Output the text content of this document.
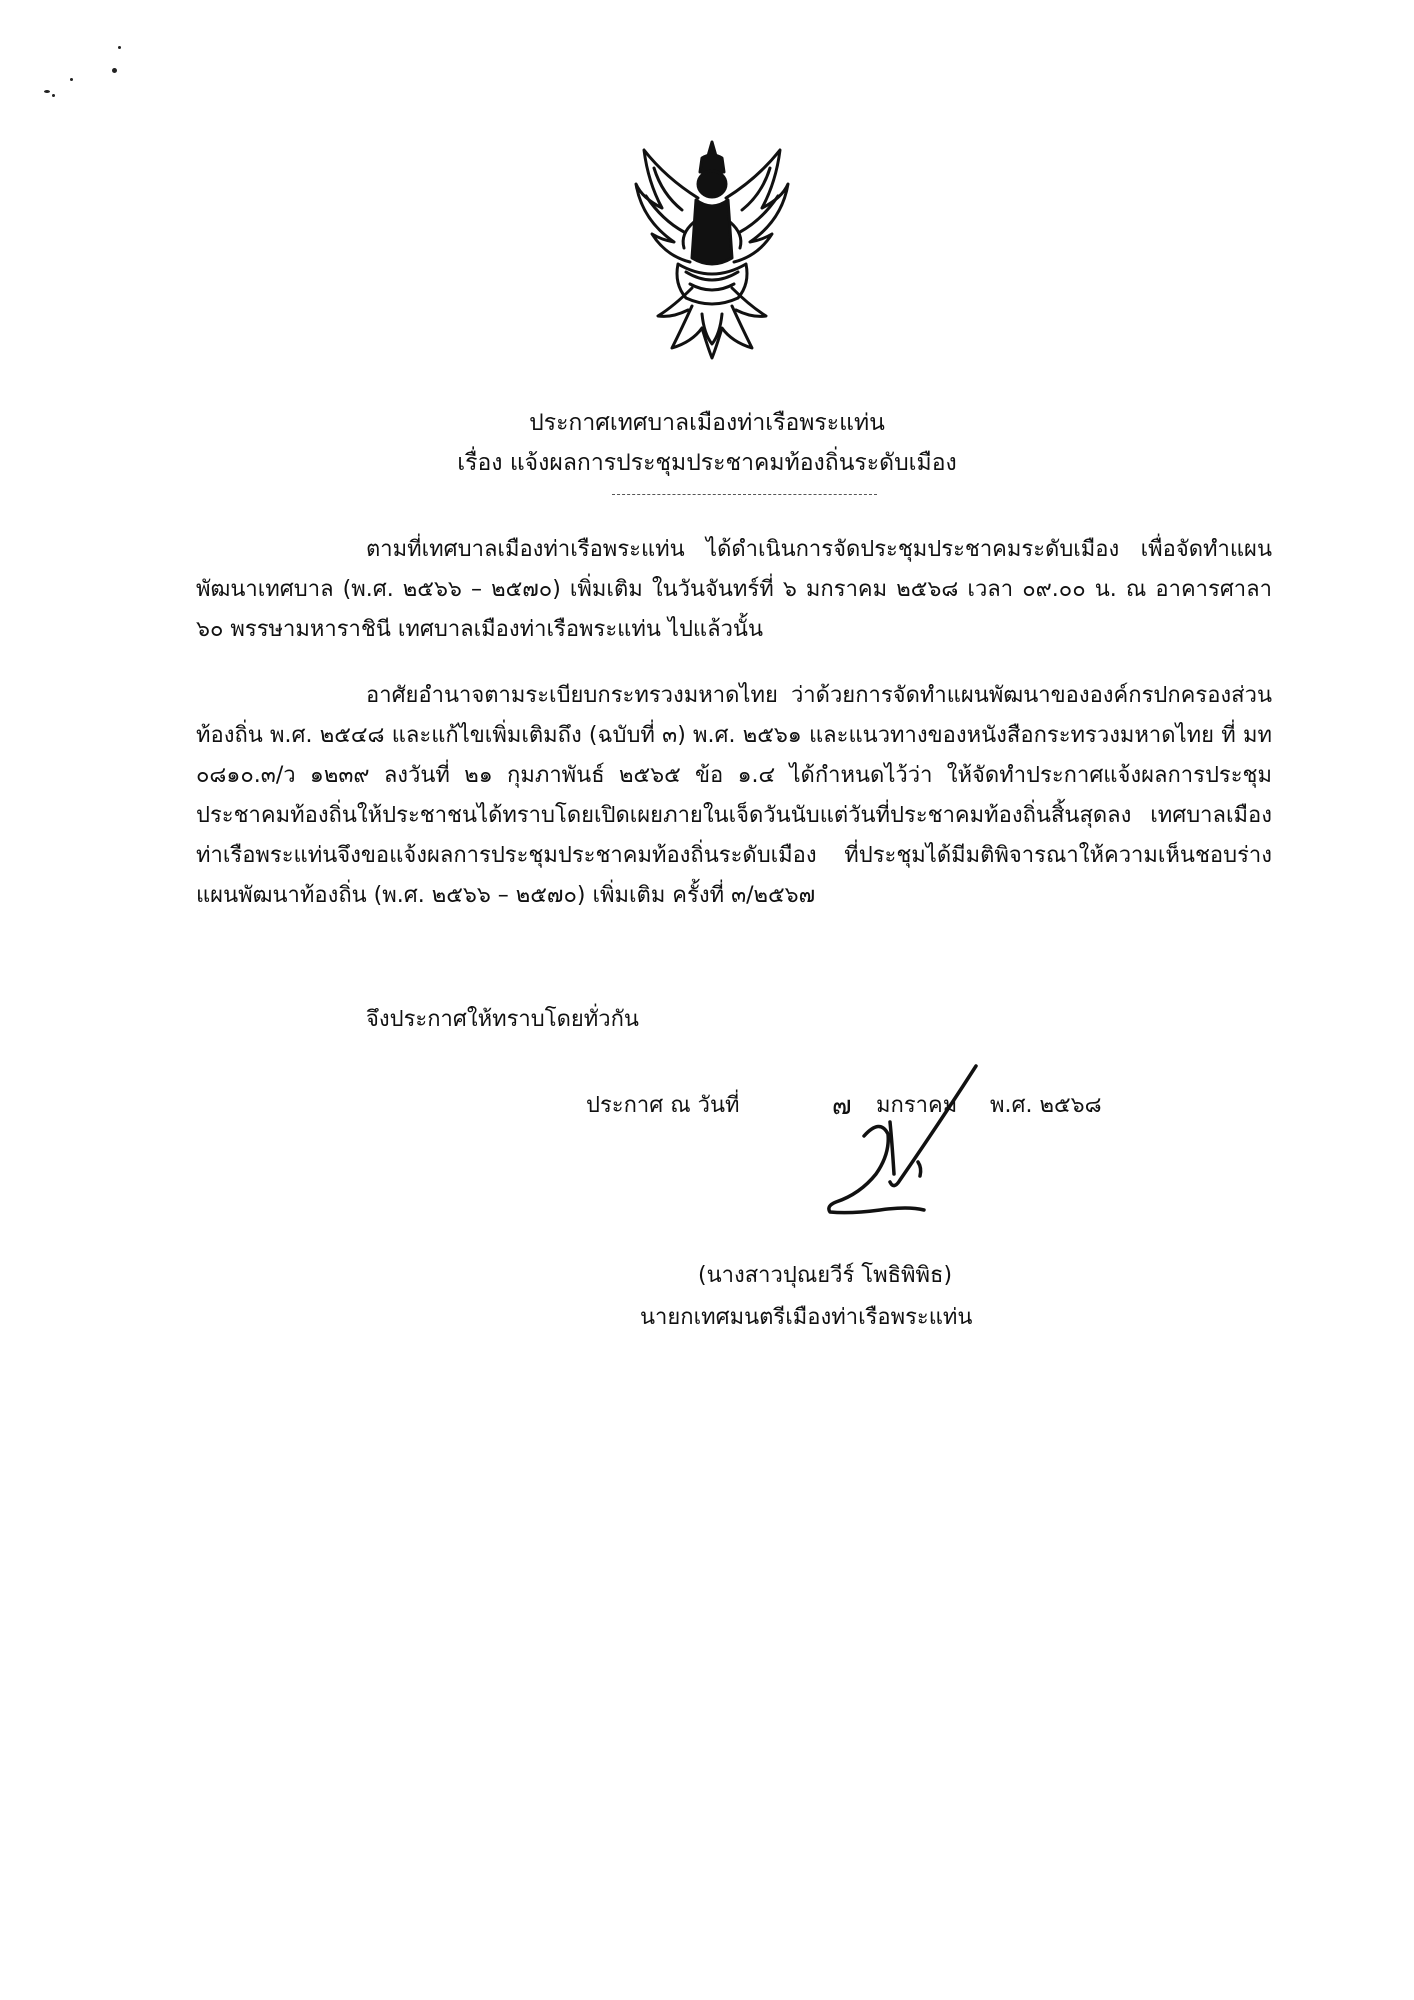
ประกาศเทศบาลเมืองท่าเรือพระแท่น
เรื่อง แจ้งผลการประชุมประชาคมท้องถิ่นระดับเมือง
ตามที่เทศบาลเมืองท่าเรือพระแท่น ได้ดำเนินการจัดประชุมประชาคมระดับเมือง เพื่อจัดทำแผนพัฒนาเทศบาล (พ.ศ. ๒๕๖๖ – ๒๕๗๐) เพิ่มเติม ในวันจันทร์ที่ ๖ มกราคม ๒๕๖๘ เวลา ๐๙.๐๐ น. ณ อาคารศาลา ๖๐ พรรษามหาราชินี เทศบาลเมืองท่าเรือพระแท่น ไปแล้วนั้น
อาศัยอำนาจตามระเบียบกระทรวงมหาดไทย ว่าด้วยการจัดทำแผนพัฒนาขององค์กรปกครองส่วนท้องถิ่น พ.ศ. ๒๕๔๘ และแก้ไขเพิ่มเติมถึง (ฉบับที่ ๓) พ.ศ. ๒๕๖๑ และแนวทางของหนังสือกระทรวงมหาดไทย ที่ มท ๐๘๑๐.๓/ว ๑๒๓๙ ลงวันที่ ๒๑ กุมภาพันธ์ ๒๕๖๕ ข้อ ๑.๔ ได้กำหนดไว้ว่า ให้จัดทำประกาศแจ้งผลการประชุมประชาคมท้องถิ่นให้ประชาชนได้ทราบโดยเปิดเผยภายในเจ็ดวันนับแต่วันที่ประชาคมท้องถิ่นสิ้นสุดลง เทศบาลเมืองท่าเรือพระแท่นจึงขอแจ้งผลการประชุมประชาคมท้องถิ่นระดับเมือง ที่ประชุมได้มีมติพิจารณาให้ความเห็นชอบร่างแผนพัฒนาท้องถิ่น (พ.ศ. ๒๕๖๖ – ๒๕๗๐) เพิ่มเติม ครั้งที่ ๓/๒๕๖๗
จึงประกาศให้ทราบโดยทั่วกัน
ประกาศ ณ วันที่	๗ มกราคม พ.ศ. ๒๕๖๘
(นางสาวปุณยวีร์ โพธิพิพิธ)
นายกเทศมนตรีเมืองท่าเรือพระแท่น
